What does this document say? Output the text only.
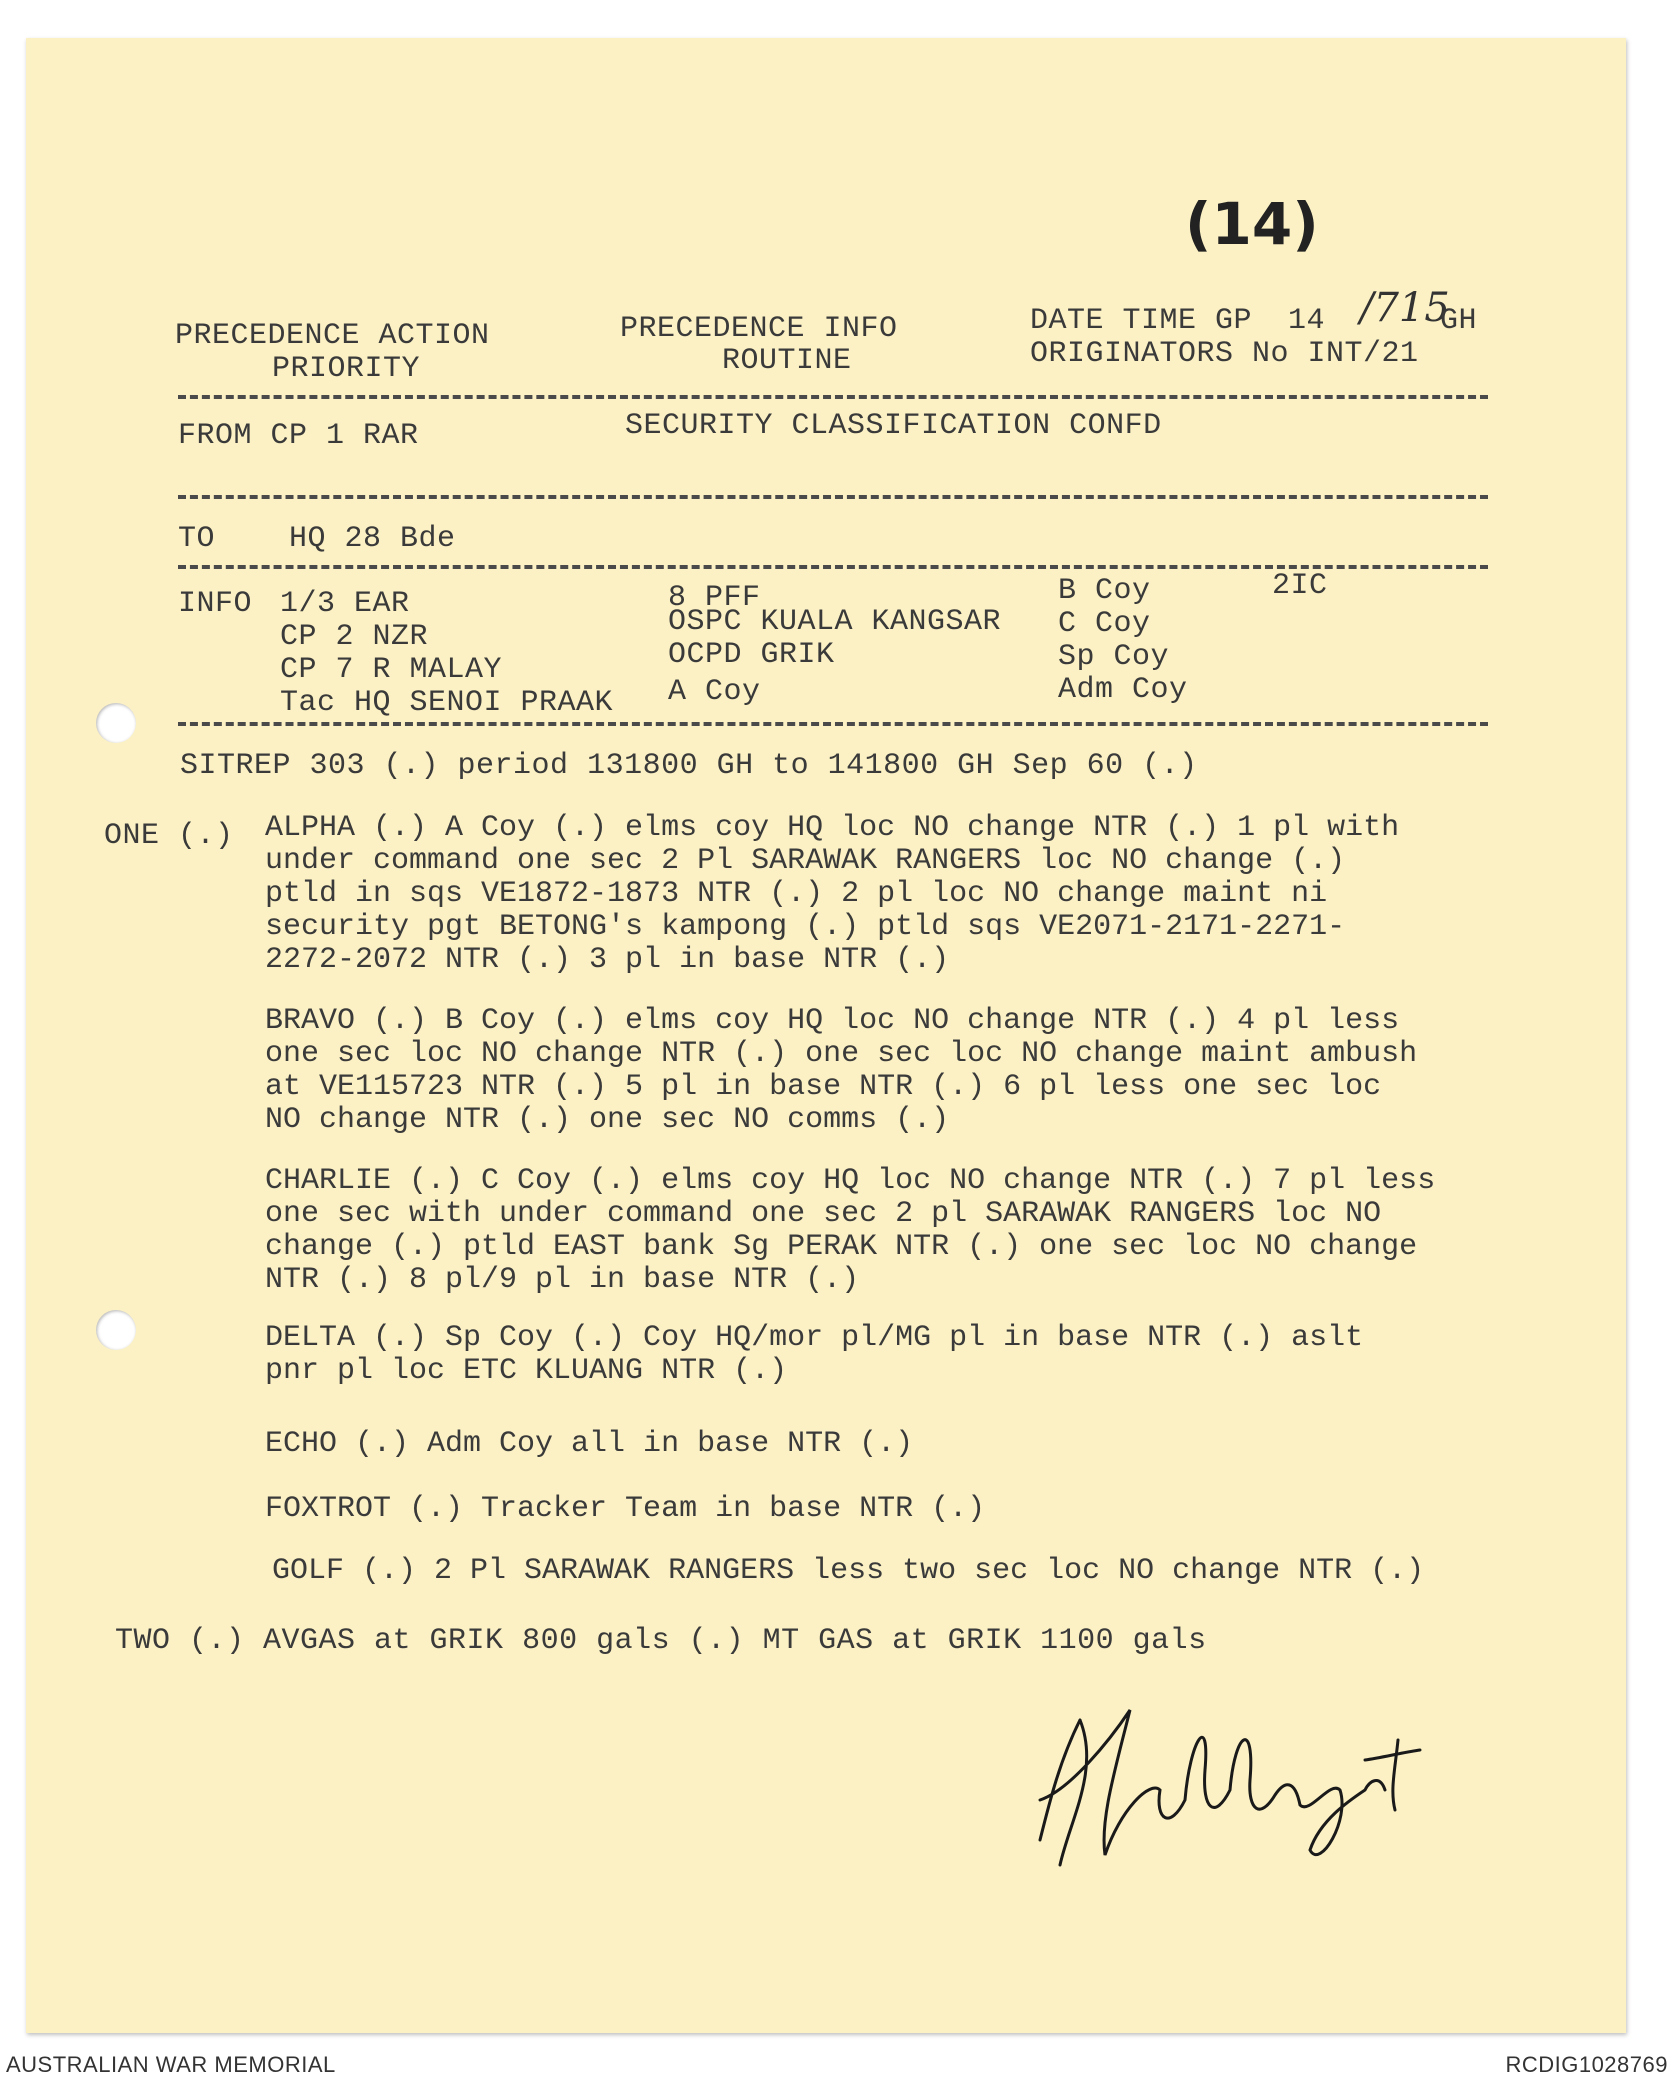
(14)
PRECEDENCE ACTION
PRIORITY
PRECEDENCE INFO
ROUTINE
DATE TIME GP 14 /715
GH
ORIGINATORS No INT/21
FROM CP 1 RAR	SECURITY CLASSIFICATION CONFD
TO    HQ 28 Bde
INFO 1/3 EAR
CP 2 NZR
CP 7 R MALAY
Tac HQ SENOI PRAAK
8 PFF
OSPC KUALA KANGSAR
OCPD GRIK
A Coy
B Coy
C Coy
Sp Coy
Adm Coy
2IC
SITREP 303 (.) period 131800 GH to 141800 GH Sep 60 (.)
ONE (.) ALPHA (.) A Coy (.) elms coy HQ loc NO change NTR (.) 1 pl with
under command one sec 2 Pl SARAWAK RANGERS loc NO change (.)
ptld in sqs VE1872-1873 NTR (.) 2 pl loc NO change maint ni
security pgt BETONG's kampong (.) ptld sqs VE2071-2171-2271-
2272-2072 NTR (.) 3 pl in base NTR (.)
BRAVO (.) B Coy (.) elms coy HQ loc NO change NTR (.) 4 pl less
one sec loc NO change NTR (.) one sec loc NO change maint ambush
at VE115723 NTR (.) 5 pl in base NTR (.) 6 pl less one sec loc
NO change NTR (.) one sec NO comms (.)
CHARLIE (.) C Coy (.) elms coy HQ loc NO change NTR (.) 7 pl less
one sec with under command one sec 2 pl SARAWAK RANGERS loc NO
change (.) ptld EAST bank Sg PERAK NTR (.) one sec loc NO change
NTR (.) 8 pl/9 pl in base NTR (.)
DELTA (.) Sp Coy (.) Coy HQ/mor pl/MG pl in base NTR (.) aslt
pnr pl loc ETC KLUANG NTR (.)
ECHO (.) Adm Coy all in base NTR (.)
FOXTROT (.) Tracker Team in base NTR (.)
GOLF (.) 2 Pl SARAWAK RANGERS less two sec loc NO change NTR (.)
TWO (.) AVGAS at GRIK 800 gals (.) MT GAS at GRIK 1100 gals
AUSTRALIAN WAR MEMORIAL	RCDIG1028769
